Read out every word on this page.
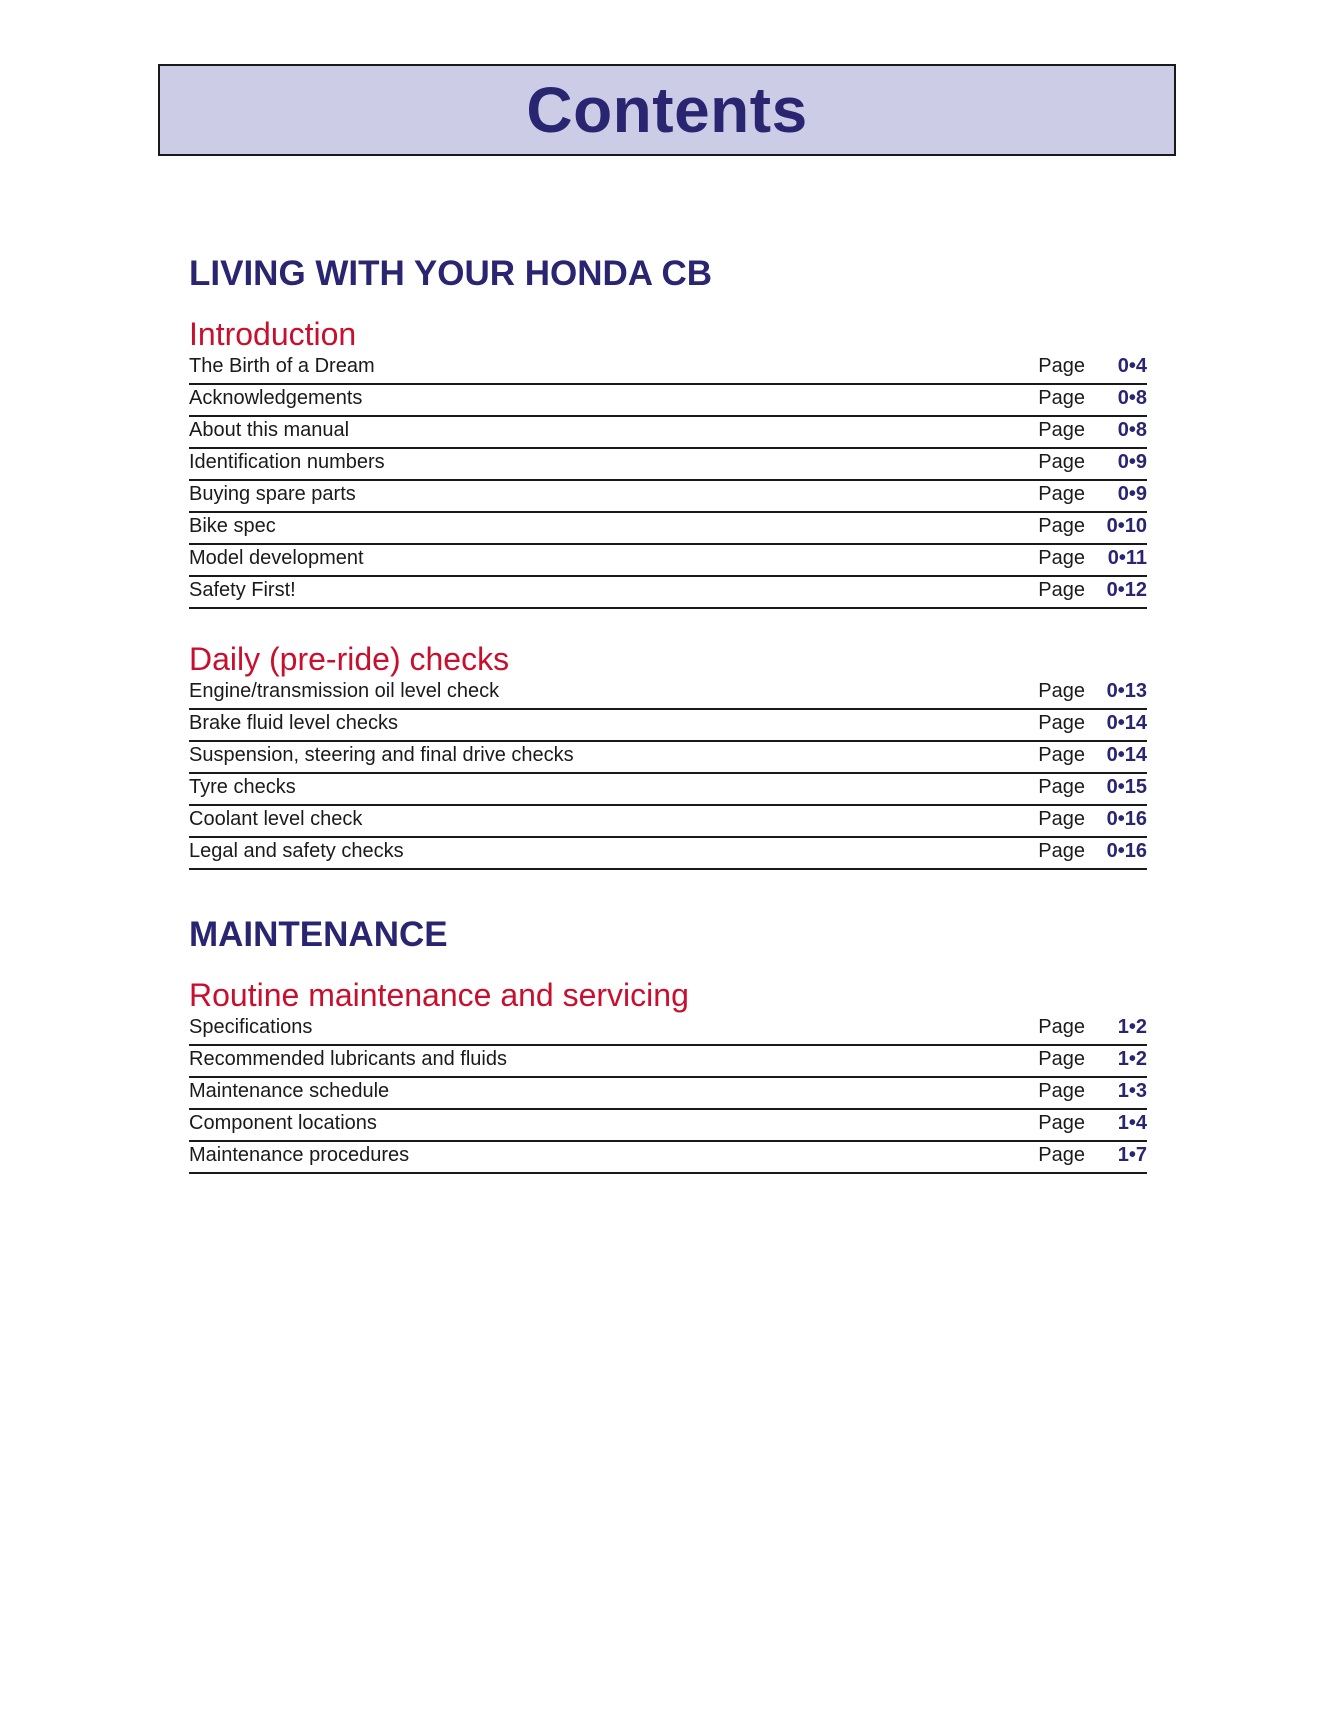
Contents
LIVING WITH YOUR HONDA CB
Introduction
The Birth of a Dream	Page 0•4
Acknowledgements	Page 0•8
About this manual	Page 0•8
Identification numbers	Page 0•9
Buying spare parts	Page 0•9
Bike spec	Page 0•10
Model development	Page 0•11
Safety First!	Page 0•12
Daily (pre-ride) checks
Engine/transmission oil level check	Page 0•13
Brake fluid level checks	Page 0•14
Suspension, steering and final drive checks	Page 0•14
Tyre checks	Page 0•15
Coolant level check	Page 0•16
Legal and safety checks	Page 0•16
MAINTENANCE
Routine maintenance and servicing
Specifications	Page 1•2
Recommended lubricants and fluids	Page 1•2
Maintenance schedule	Page 1•3
Component locations	Page 1•4
Maintenance procedures	Page 1•7
